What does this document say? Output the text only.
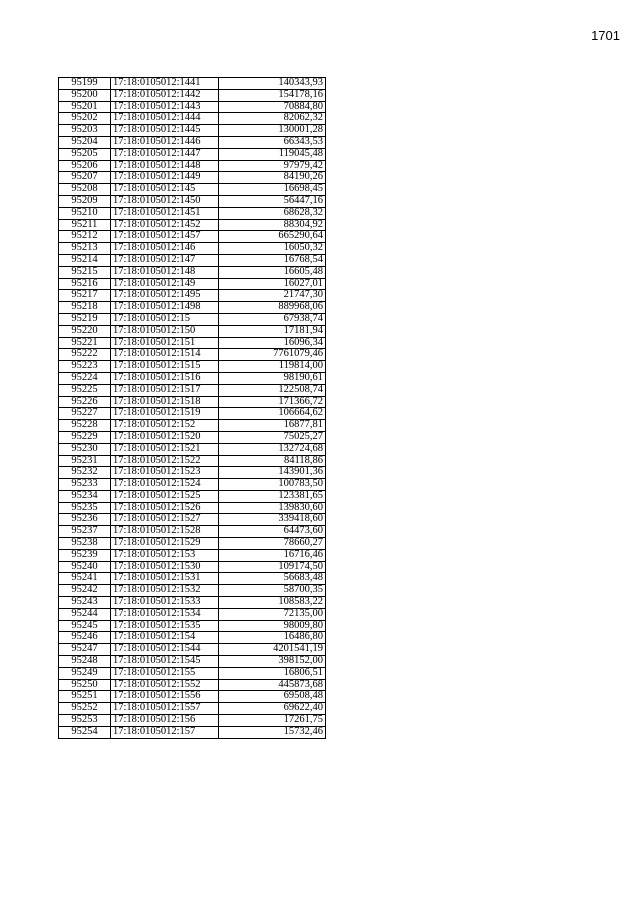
1701
95199	17:18:0105012:1441	140343,93
95200	17:18:0105012:1442	154178,16
95201	17:18:0105012:1443	70884,80
95202	17:18:0105012:1444	82062,32
95203	17:18:0105012:1445	130001,28
95204	17:18:0105012:1446	66343,53
95205	17:18:0105012:1447	119045,48
95206	17:18:0105012:1448	97979,42
95207	17:18:0105012:1449	84190,26
95208	17:18:0105012:145	16698,45
95209	17:18:0105012:1450	56447,16
95210	17:18:0105012:1451	68628,32
95211	17:18:0105012:1452	88304,92
95212	17:18:0105012:1457	665290,64
95213	17:18:0105012:146	16050,32
95214	17:18:0105012:147	16768,54
95215	17:18:0105012:148	16605,48
95216	17:18:0105012:149	16027,01
95217	17:18:0105012:1495	21747,30
95218	17:18:0105012:1498	889968,06
95219	17:18:0105012:15	67938,74
95220	17:18:0105012:150	17181,94
95221	17:18:0105012:151	16096,34
95222	17:18:0105012:1514	7761079,46
95223	17:18:0105012:1515	119814,00
95224	17:18:0105012:1516	98190,61
95225	17:18:0105012:1517	122508,74
95226	17:18:0105012:1518	171366,72
95227	17:18:0105012:1519	106664,62
95228	17:18:0105012:152	16877,81
95229	17:18:0105012:1520	75025,27
95230	17:18:0105012:1521	132724,68
95231	17:18:0105012:1522	84118,86
95232	17:18:0105012:1523	143901,36
95233	17:18:0105012:1524	100783,50
95234	17:18:0105012:1525	123381,65
95235	17:18:0105012:1526	139830,60
95236	17:18:0105012:1527	339418,60
95237	17:18:0105012:1528	64473,60
95238	17:18:0105012:1529	78660,27
95239	17:18:0105012:153	16716,46
95240	17:18:0105012:1530	109174,50
95241	17:18:0105012:1531	56683,48
95242	17:18:0105012:1532	58700,35
95243	17:18:0105012:1533	108583,22
95244	17:18:0105012:1534	72135,00
95245	17:18:0105012:1535	98009,80
95246	17:18:0105012:154	16486,80
95247	17:18:0105012:1544	4201541,19
95248	17:18:0105012:1545	398152,00
95249	17:18:0105012:155	16806,51
95250	17:18:0105012:1552	445873,68
95251	17:18:0105012:1556	69508,48
95252	17:18:0105012:1557	69622,40
95253	17:18:0105012:156	17261,75
95254	17:18:0105012:157	15732,46
